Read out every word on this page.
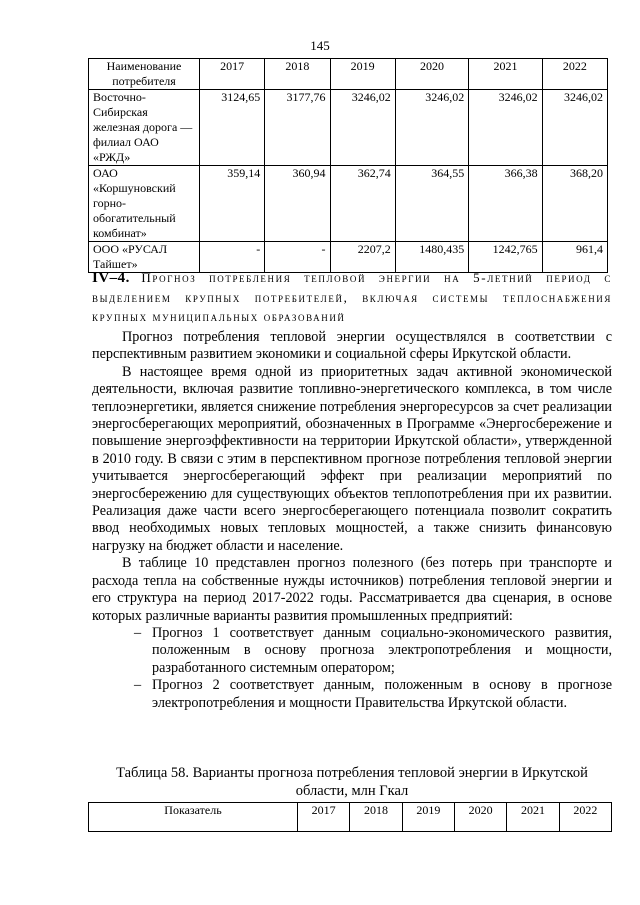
145
Наименование потребителя	2017	2018	2019	2020	2021	2022
Восточно-Сибирская железная дорога — филиал ОАО «РЖД»	3124,65	3177,76	3246,02	3246,02	3246,02	3246,02
ОАО «Коршуновский горно-обогатительный комбинат»	359,14	360,94	362,74	364,55	366,38	368,20
ООО «РУСАЛ Тайшет»	-	-	2207,2	1480,435	1242,765	961,4
IV–4. Прогноз потребления тепловой энергии на 5-летний период с выделением крупных потребителей, включая системы теплоснабжения крупных муниципальных образований

Прогноз потребления тепловой энергии осуществлялся в соответствии с перспективным развитием экономики и социальной сферы Иркутской области.

В настоящее время одной из приоритетных задач активной экономической деятельности, включая развитие топливно-энергетического комплекса, в том числе теплоэнергетики, является снижение потребления энергоресурсов за счет реализации энергосберегающих мероприятий, обозначенных в Программе «Энергосбережение и повышение энергоэффективности на территории Иркутской области», утвержденной в 2010 году. В связи с этим в перспективном прогнозе потребления тепловой энергии учитывается энергосберегающий эффект при реализации мероприятий по энергосбережению для существующих объектов теплопотребления при их развитии. Реализация даже части всего энергосберегающего потенциала позволит сократить ввод необходимых новых тепловых мощностей, а также снизить финансовую нагрузку на бюджет области и население.

В таблице 10 представлен прогноз полезного (без потерь при транспорте и расхода тепла на собственные нужды источников) потребления тепловой энергии и его структура на период 2017-2022 годы. Рассматривается два сценария, в основе которых различные варианты развития промышленных предприятий:

– Прогноз 1 соответствует данным социально-экономического развития, положенным в основу прогноза электропотребления и мощности, разработанного системным оператором;
– Прогноз 2 соответствует данным, положенным в основу в прогнозе электропотребления и мощности Правительства Иркутской области.
Таблица 58. Варианты прогноза потребления тепловой энергии в Иркутской области, млн Гкал
Показатель	2017	2018	2019	2020	2021	2022
